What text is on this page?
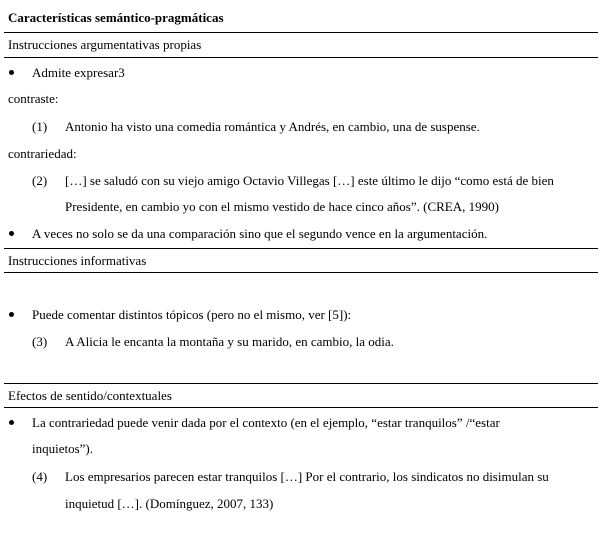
Características semántico-pragmáticas
Instrucciones argumentativas propias
Admite expresar3
contraste:
(1) Antonio ha visto una comedia romántica y Andrés, en cambio, una de suspense.
contrariedad:
(2) […] se saludó con su viejo amigo Octavio Villegas […] este último le dijo “como está de bien
Presidente, en cambio yo con el mismo vestido de hace cinco años”. (CREA, 1990)
A veces no solo se da una comparación sino que el segundo vence en la argumentación.
Instrucciones informativas
Puede comentar distintos tópicos (pero no el mismo, ver [5]):
(3) A Alicia le encanta la montaña y su marido, en cambio, la odia.
Efectos de sentido/contextuales
La contrariedad puede venir dada por el contexto (en el ejemplo, “estar tranquilos” /“estar
inquietos”).
(4) Los empresarios parecen estar tranquilos […] Por el contrario, los sindicatos no disimulan su
inquietud […]. (Domínguez, 2007, 133)
